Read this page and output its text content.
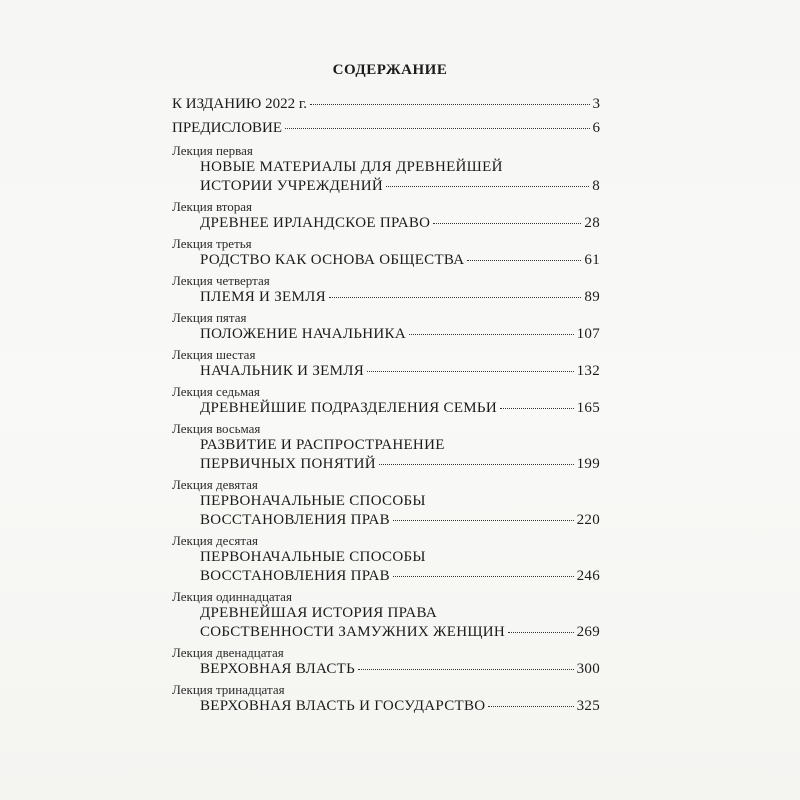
СОДЕРЖАНИЕ
К ИЗДАНИЮ 2022 г.	3
ПРЕДИСЛОВИЕ	6
Лекция первая
НОВЫЕ МАТЕРИАЛЫ ДЛЯ ДРЕВНЕЙШЕЙ
ИСТОРИИ УЧРЕЖДЕНИЙ	8
Лекция вторая
ДРЕВНЕЕ ИРЛАНДСКОЕ ПРАВО	28
Лекция третья
РОДСТВО КАК ОСНОВА ОБЩЕСТВА	61
Лекция четвертая
ПЛЕМЯ И ЗЕМЛЯ	89
Лекция пятая
ПОЛОЖЕНИЕ НАЧАЛЬНИКА	107
Лекция шестая
НАЧАЛЬНИК И ЗЕМЛЯ	132
Лекция седьмая
ДРЕВНЕЙШИЕ ПОДРАЗДЕЛЕНИЯ СЕМЬИ	165
Лекция восьмая
РАЗВИТИЕ И РАСПРОСТРАНЕНИЕ
ПЕРВИЧНЫХ ПОНЯТИЙ	199
Лекция девятая
ПЕРВОНАЧАЛЬНЫЕ СПОСОБЫ
ВОССТАНОВЛЕНИЯ ПРАВ	220
Лекция десятая
ПЕРВОНАЧАЛЬНЫЕ СПОСОБЫ
ВОССТАНОВЛЕНИЯ ПРАВ	246
Лекция одиннадцатая
ДРЕВНЕЙШАЯ ИСТОРИЯ ПРАВА
СОБСТВЕННОСТИ ЗАМУЖНИХ ЖЕНЩИН	269
Лекция двенадцатая
ВЕРХОВНАЯ ВЛАСТЬ	300
Лекция тринадцатая
ВЕРХОВНАЯ ВЛАСТЬ И ГОСУДАРСТВО	325
